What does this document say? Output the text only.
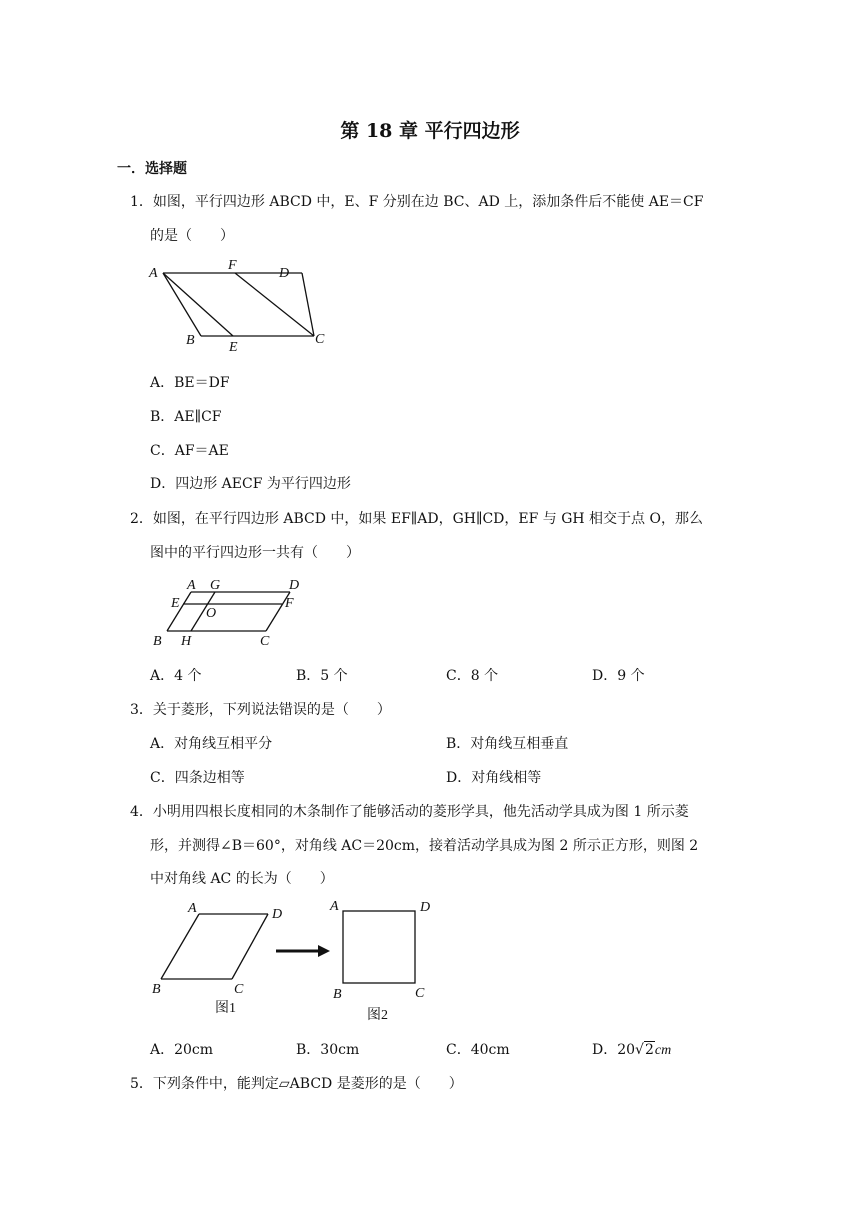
第 18 章 平行四边形
一．选择题
1．如图，平行四边形 ABCD 中，E、F 分别在边 BC、AD 上，添加条件后不能使 AE＝CF
的是（　　）
A
F
D
B E
C
A．BE＝DF
B．AE∥CF
C．AF＝AE
D．四边形 AECF 为平行四边形
2．如图，在平行四边形 ABCD 中，如果 EF∥AD，GH∥CD，EF 与 GH 相交于点 O，那么
图中的平行四边形一共有（　　）
A G	D
E
O
F
B H	C
A．4 个	B．5 个	C．8 个	D．9 个
3．关于菱形，下列说法错误的是（　　）
A．对角线互相平分	B．对角线互相垂直
C．四条边相等	D．对角线相等
4．小明用四根长度相同的木条制作了能够活动的菱形学具，他先活动学具成为图 1 所示菱
形，并测得∠B＝60°，对角线 AC＝20cm，接着活动学具成为图 2 所示正方形，则图 2
中对角线 AC 的长为（　　）
A	D
B	C
图1
A	D
B	C
图2
A．20cm	B．30cm	C．40cm	D．20√2cm
5．下列条件中，能判定▱ABCD 是菱形的是（　　）
